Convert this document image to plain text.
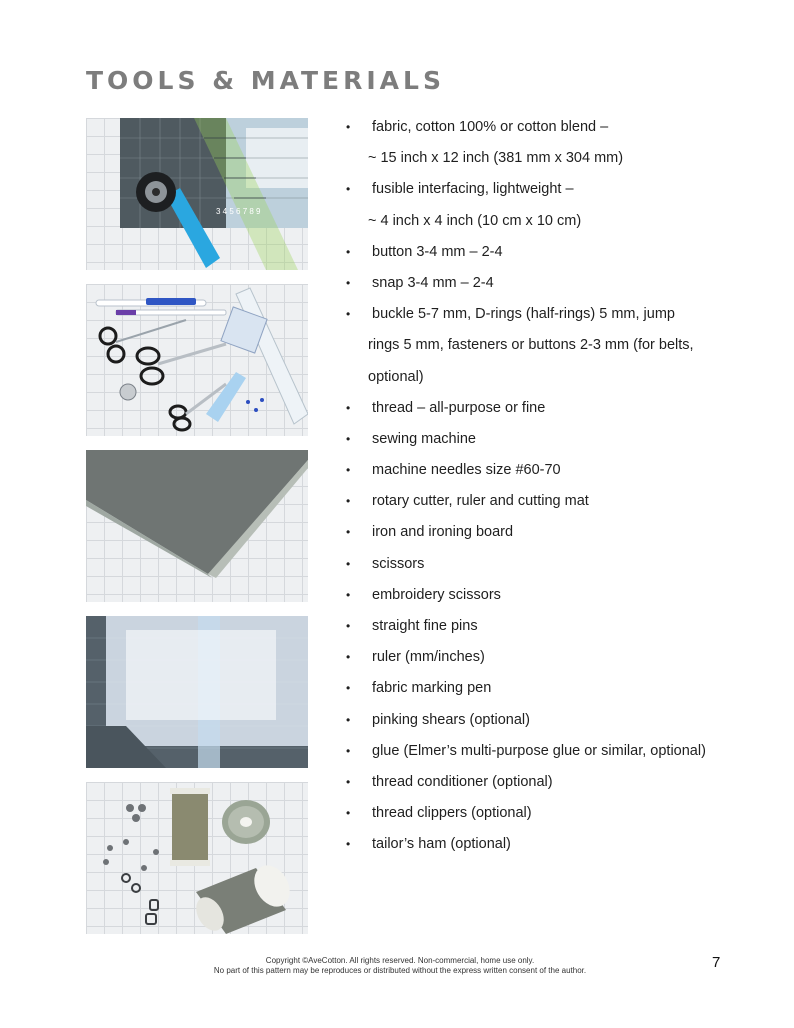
TOOLS & MATERIALS
3 4 5 6 7 8 9
• fabric, cotton 100% or cotton blend –
~ 15 inch x 12 inch (381 mm x 304 mm)
• fusible interfacing, lightweight –
~ 4 inch x 4 inch (10 cm x 10 cm)
• button 3-4 mm – 2-4
• snap 3-4 mm – 2-4
• buckle 5-7 mm, D-rings (half-rings) 5 mm, jump
rings 5 mm, fasteners or buttons 2-3 mm (for belts,
optional)
• thread – all-purpose or fine
• sewing machine
• machine needles size #60-70
• rotary cutter, ruler and cutting mat
• iron and ironing board
• scissors
• embroidery scissors
• straight fine pins
• ruler (mm/inches)
• fabric marking pen
• pinking shears (optional)
• glue (Elmer’s multi-purpose glue or similar, optional)
• thread conditioner (optional)
• thread clippers (optional)
• tailor’s ham (optional)
Copyright ©AveCotton. All rights reserved. Non-commercial, home use only.
No part of this pattern may be reproduces or distributed without the express written consent of the author.	7
